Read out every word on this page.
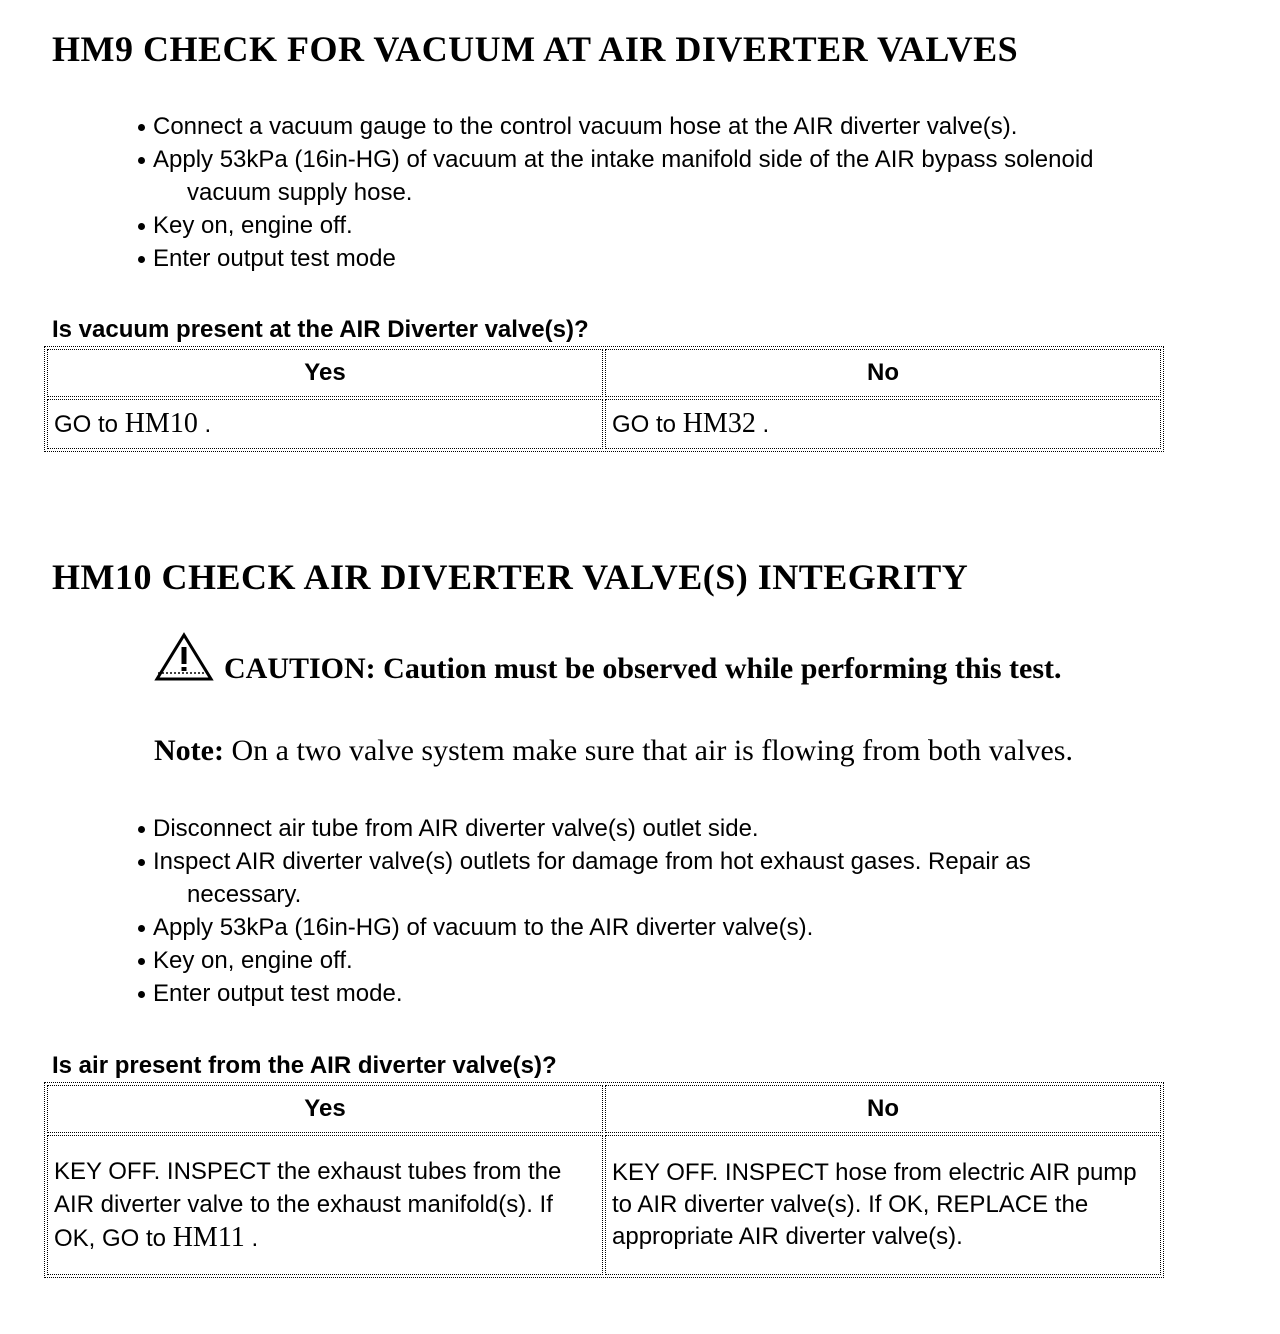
HM9 CHECK FOR VACUUM AT AIR DIVERTER VALVES
Connect a vacuum gauge to the control vacuum hose at the AIR diverter valve(s).
Apply 53kPa (16in-HG) of vacuum at the intake manifold side of the AIR bypass solenoid
vacuum supply hose.
Key on, engine off.
Enter output test mode

Is vacuum present at the AIR Diverter valve(s)?

Yes	No
GO to HM10 .	GO to HM32 .
HM10 CHECK AIR DIVERTER VALVE(S) INTEGRITY
CAUTION: Caution must be observed while performing this test.
Note: On a two valve system make sure that air is flowing from both valves.
Disconnect air tube from AIR diverter valve(s) outlet side.
Inspect AIR diverter valve(s) outlets for damage from hot exhaust gases. Repair as
necessary.
Apply 53kPa (16in-HG) of vacuum to the AIR diverter valve(s).
Key on, engine off.
Enter output test mode.

Is air present from the AIR diverter valve(s)?

Yes	No
KEY OFF. INSPECT the exhaust tubes from the AIR diverter valve to the exhaust manifold(s). If OK, GO to HM11 .	KEY OFF. INSPECT hose from electric AIR pump to AIR diverter valve(s). If OK, REPLACE the appropriate AIR diverter valve(s).
